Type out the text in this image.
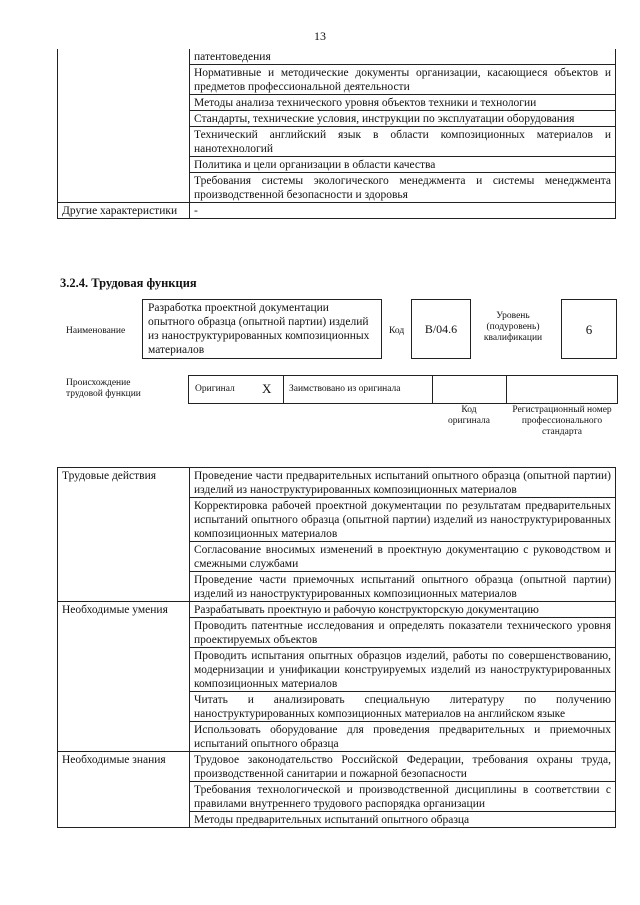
13
	патентоведения
	Нормативные и методические документы организации, касающиеся объектов и предметов профессиональной деятельности
	Методы анализа технического уровня объектов техники и технологии
	Стандарты, технические условия, инструкции по эксплуатации оборудования
	Технический английский язык в области композиционных материалов и нанотехнологий
	Политика и цели организации в области качества
	Требования системы экологического менеджмента и системы менеджмента производственной безопасности и здоровья
Другие характеристики	-
3.2.4. Трудовая функция
Наименование
Разработка проектной документации опытного образца (опытной партии) изделий из наноструктурированных композиционных материалов
Код	В/04.6
Уровень (подуровень) квалификации
6
Происхождение трудовой функции	Оригинал X Заимствовано из оригинала
Код оригинала
Регистрационный номер профессионального стандарта
Трудовые действия	Проведение части предварительных испытаний опытного образца (опытной партии) изделий из наноструктурированных композиционных материалов
	Корректировка рабочей проектной документации по результатам предварительных испытаний опытного образца (опытной партии) изделий из наноструктурированных композиционных материалов
	Согласование вносимых изменений в проектную документацию с руководством и смежными службами
	Проведение части приемочных испытаний опытного образца (опытной партии) изделий из наноструктурированных композиционных материалов
Необходимые умения	Разрабатывать проектную и рабочую конструкторскую документацию
	Проводить патентные исследования и определять показатели технического уровня проектируемых объектов
	Проводить испытания опытных образцов изделий, работы по совершенствованию, модернизации и унификации конструируемых изделий из наноструктурированных композиционных материалов
	Читать и анализировать специальную литературу по получению наноструктурированных композиционных материалов на английском языке
	Использовать оборудование для проведения предварительных и приемочных испытаний опытного образца
Необходимые знания	Трудовое законодательство Российской Федерации, требования охраны труда, производственной санитарии и пожарной безопасности
	Требования технологической и производственной дисциплины в соответствии с правилами внутреннего трудового распорядка организации
	Методы предварительных испытаний опытного образца
